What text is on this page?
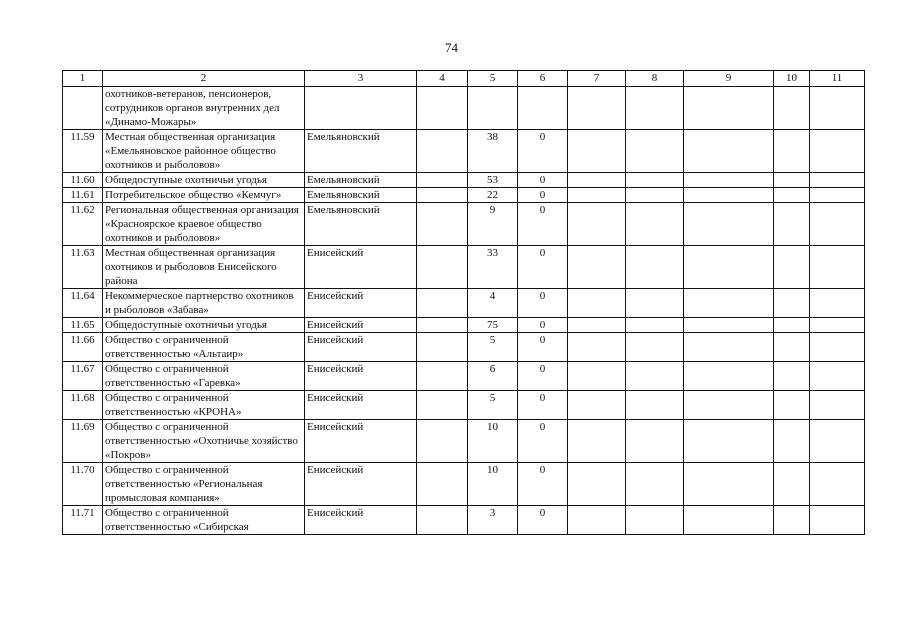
74
1	2	3	4	5	6	7	8	9	10	11
	охотников-ветеранов, пенсионеров, сотрудников органов внутренних дел «Динамо-Можары»									
11.59	Местная общественная организация «Емельяновское районное общество охотников и рыболовов»	Емельяновский		38	0					
11.60	Общедоступные охотничьи угодья	Емельяновский		53	0					
11.61	Потребительское общество «Кемчуг»	Емельяновский		22	0					
11.62	Региональная общественная организация «Красноярское краевое общество охотников и рыболовов»	Емельяновский		9	0					
11.63	Местная общественная организация охотников и рыболовов Енисейского района	Енисейский		33	0					
11.64	Некоммерческое партнерство охотников и рыболовов «Забава»	Енисейский		4	0					
11.65	Общедоступные охотничьи угодья	Енисейский		75	0					
11.66	Общество с ограниченной ответственностью «Альтаир»	Енисейский		5	0					
11.67	Общество с ограниченной ответственностью «Гаревка»	Енисейский		6	0					
11.68	Общество с ограниченной ответственностью «КРОНА»	Енисейский		5	0					
11.69	Общество с ограниченной ответственностью «Охотничье хозяйство «Покров»	Енисейский		10	0					
11.70	Общество с ограниченной ответственностью «Региональная промысловая компания»	Енисейский		10	0					
11.71	Общество с ограниченной ответственностью «Сибирская	Енисейский		3	0					
